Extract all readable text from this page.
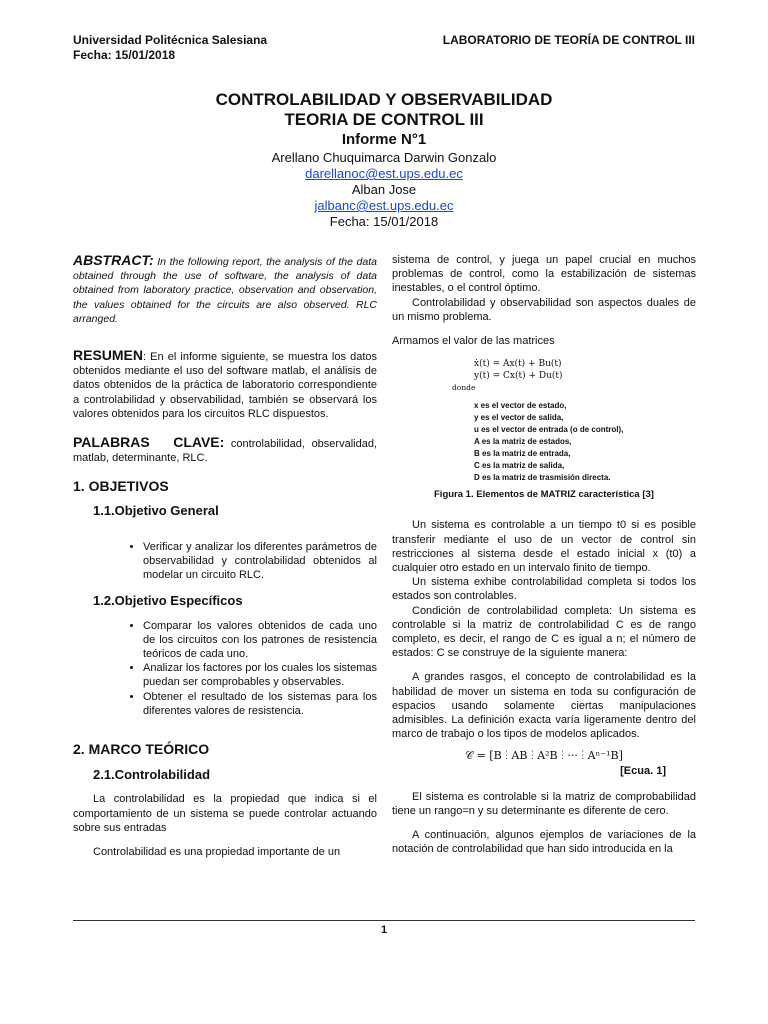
Universidad Politécnica Salesiana
Fecha: 15/01/2018
LABORATORIO DE TEORÍA DE CONTROL III
CONTROLABILIDAD Y OBSERVABILIDAD
TEORIA DE CONTROL III
Informe N°1
Arellano Chuquimarca Darwin Gonzalo
darellanoc@est.ups.edu.ec
Alban Jose
jalbanc@est.ups.edu.ec
Fecha: 15/01/2018

ABSTRACT: In the following report, the analysis of the data obtained through the use of software, the analysis of data obtained from laboratory practice, observation and observation, the values obtained for the circuits are also observed. RLC arranged.

RESUMEN: En el informe siguiente, se muestra los datos obtenidos mediante el uso del software matlab, el análisis de datos obtenidos de la práctica de laboratorio correspondiente a controlabilidad y observabilidad, también se observará los valores obtenidos para los circuitos RLC dispuestos.

PALABRAS CLAVE: controlabilidad, observalidad, matlab, determinante, RLC.

1. OBJETIVOS
1.1.Objetivo General
• Verificar y analizar los diferentes parámetros de observabilidad y controlabilidad obtenidos al modelar un circuito RLC.
1.2.Objetivo Específicos
• Comparar los valores obtenidos de cada uno de los circuitos con los patrones de resistencia teóricos de cada uno.
• Analizar los factores por los cuales los sistemas puedan ser comprobables y observables.
• Obtener el resultado de los sistemas para los diferentes valores de resistencia.
2. MARCO TEÓRICO
2.1.Controlabilidad

La controlabilidad es la propiedad que indica si el comportamiento de un sistema se puede controlar actuando sobre sus entradas

Controlabilidad es una propiedad importante de un

sistema de control, y juega un papel crucial en muchos problemas de control, como la estabilización de sistemas inestables, o el control óptimo.

Controlabilidad y observabilidad son aspectos duales de un mismo problema.

Armamos el valor de las matrices

ẋ(t) = Ax(t) + Bu(t)
y(t) = Cx(t) + Du(t)
donde
x es el vector de estado,
y es el vector de salida,
u es el vector de entrada (o de control),
A es la matriz de estados,
B es la matriz de entrada,
C es la matriz de salida,
D es la matriz de trasmisión directa.
Figura 1. Elementos de MATRIZ característica [3]

Un sistema es controlable a un tiempo t0 si es posible transferir mediante el uso de un vector de control sin restricciones al sistema desde el estado inicial x (t0) a cualquier otro estado en un intervalo finito de tiempo.

Un sistema exhibe controlabilidad completa si todos los estados son controlables.

Condición de controlabilidad completa: Un sistema es controlable si la matriz de controlabilidad C es de rango completo, es decir, el rango de C es igual a n; el número de estados: C se construye de la siguiente manera:

A grandes rasgos, el concepto de controlabilidad es la habilidad de mover un sistema en toda su configuración de espacios usando solamente ciertas manipulaciones admisibles. La definición exacta varía ligeramente dentro del marco de trabajo o los tipos de modelos aplicados.

𝒞 = [B ⋮ AB ⋮ A²B ⋮ ··· ⋮ Aⁿ⁻¹B]
[Ecua. 1]

El sistema es controlable si la matriz de comprobabilidad tiene un rango=n y su determinante es diferente de cero.

A continuación, algunos ejemplos de variaciones de la notación de controlabilidad que han sido introducida en la

1
